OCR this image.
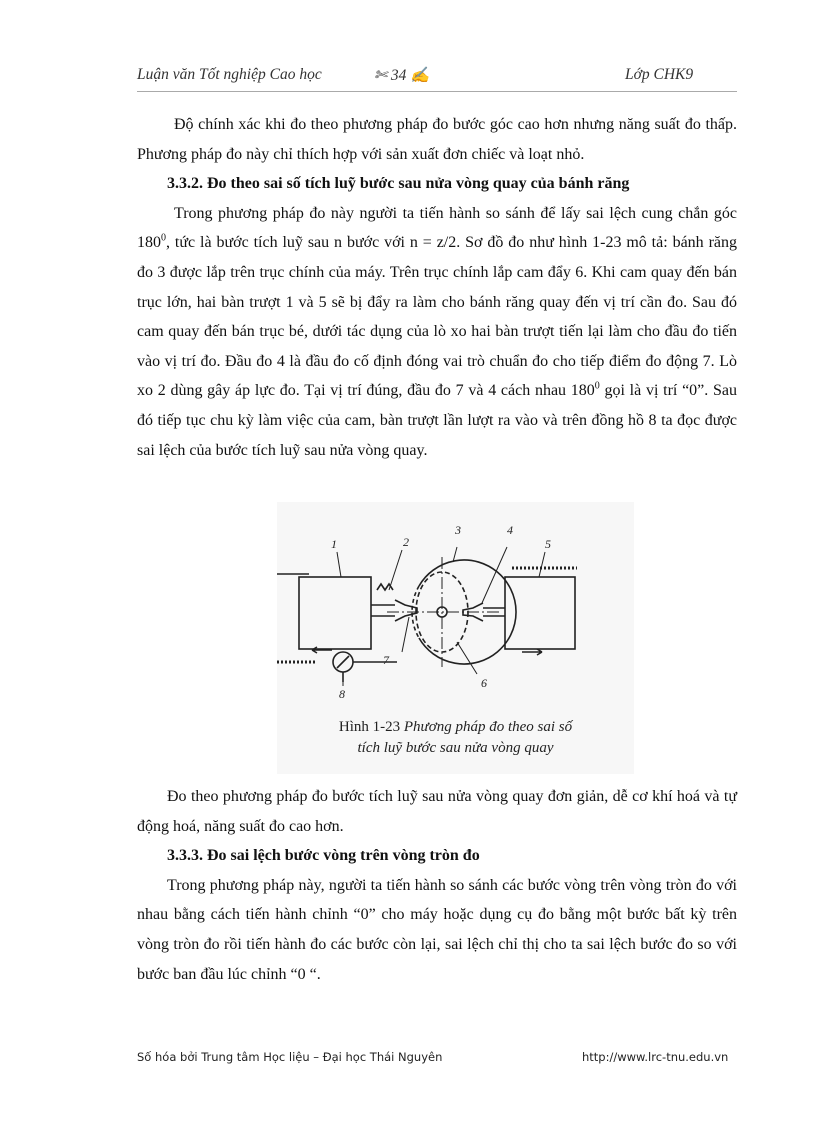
Luận văn Tốt nghiệp Cao học	✄ 34 ✍	Lớp CHK9
Độ chính xác khi đo theo phương pháp đo bước góc cao hơn nhưng năng suất đo thấp. Phương pháp đo này chỉ thích hợp với sản xuất đơn chiếc và loạt nhỏ.
3.3.2. Đo theo sai số tích luỹ bước sau nửa vòng quay của bánh răng
Trong phương pháp đo này người ta tiến hành so sánh để lấy sai lệch cung chắn góc $180^0$, tức là bước tích luỹ sau n bước với n = z/2. Sơ đồ đo như hình 1-23 mô tả: bánh răng đo 3 được lắp trên trục chính của máy. Trên trục chính lắp cam đẩy 6. Khi cam quay đến bán trục lớn, hai bàn trượt 1 và 5 sẽ bị đẩy ra làm cho bánh răng quay đến vị trí cần đo. Sau đó cam quay đến bán trục bé, dưới tác dụng của lò xo hai bàn trượt tiến lại làm cho đầu đo tiến vào vị trí đo. Đầu đo 4 là đầu đo cố định đóng vai trò chuẩn đo cho tiếp điểm đo động 7. Lò xo 2 dùng gây áp lực đo. Tại vị trí đúng, đầu đo 7 và 4 cách nhau $180^0$ gọi là vị trí “0”. Sau đó tiếp tục chu kỳ làm việc của cam, bàn trượt lần lượt ra vào và trên đồng hồ 8 ta đọc được sai lệch của bước tích luỹ sau nửa vòng quay.
1	2
3	4
5
6
7
8
Hình 1-23 Phương pháp đo theo sai số
tích luỹ bước sau nửa vòng quay
Đo theo phương pháp đo bước tích luỹ sau nửa vòng quay đơn giản, dễ cơ khí hoá và tự động hoá, năng suất đo cao hơn.
3.3.3. Đo sai lệch bước vòng trên vòng tròn đo
Trong phương pháp này, người ta tiến hành so sánh các bước vòng trên vòng tròn đo với nhau bằng cách tiến hành chỉnh “0” cho máy hoặc dụng cụ đo bằng một bước bất kỳ trên vòng tròn đo rồi tiến hành đo các bước còn lại, sai lệch chỉ thị cho ta sai lệch bước đo so với bước ban đầu lúc chỉnh “0 “.
Số hóa bởi Trung tâm Học liệu – Đại học Thái Nguyên	http://www.lrc-tnu.edu.vn
